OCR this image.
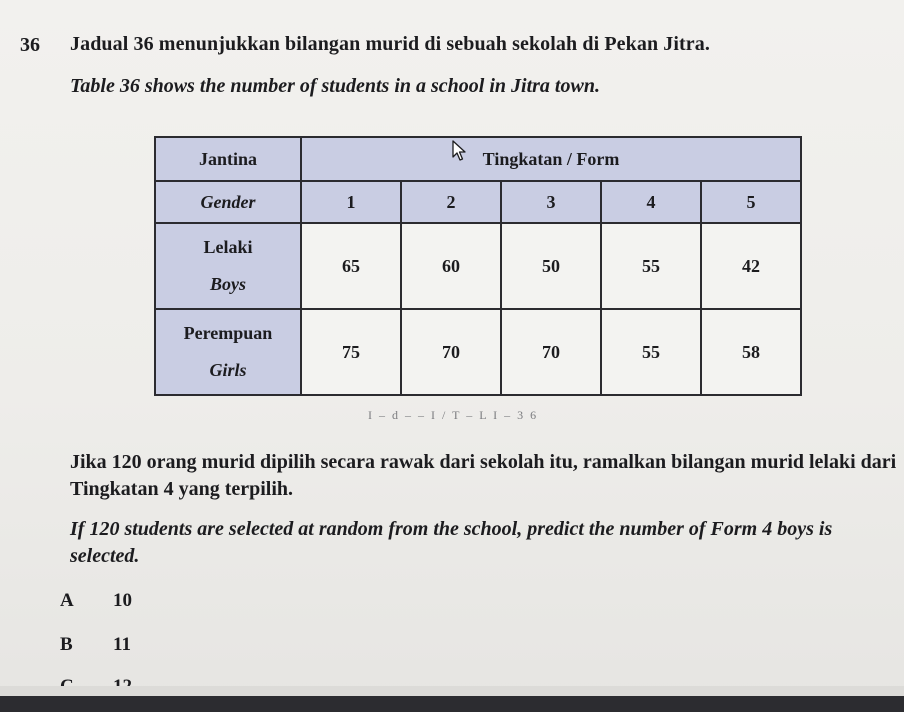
36 Jadual 36 menunjukkan bilangan murid di sebuah sekolah di Pekan Jitra.
Table 36 shows the number of students in a school in Jitra town.
Jantina	Tingkatan / Form				
Gender	1	2	3	4	5

Lelaki
Boys	65	60	50	55	42

Perempuan
Girls	75	70	70	55	58
I – d – – I / T – L I – 3 6
Jika 120 orang murid dipilih secara rawak dari sekolah itu, ramalkan bilangan murid lelaki dari Tingkatan 4 yang terpilih.
If 120 students are selected at random from the school, predict the number of Form 4 boys is selected.
A 10
B 11
